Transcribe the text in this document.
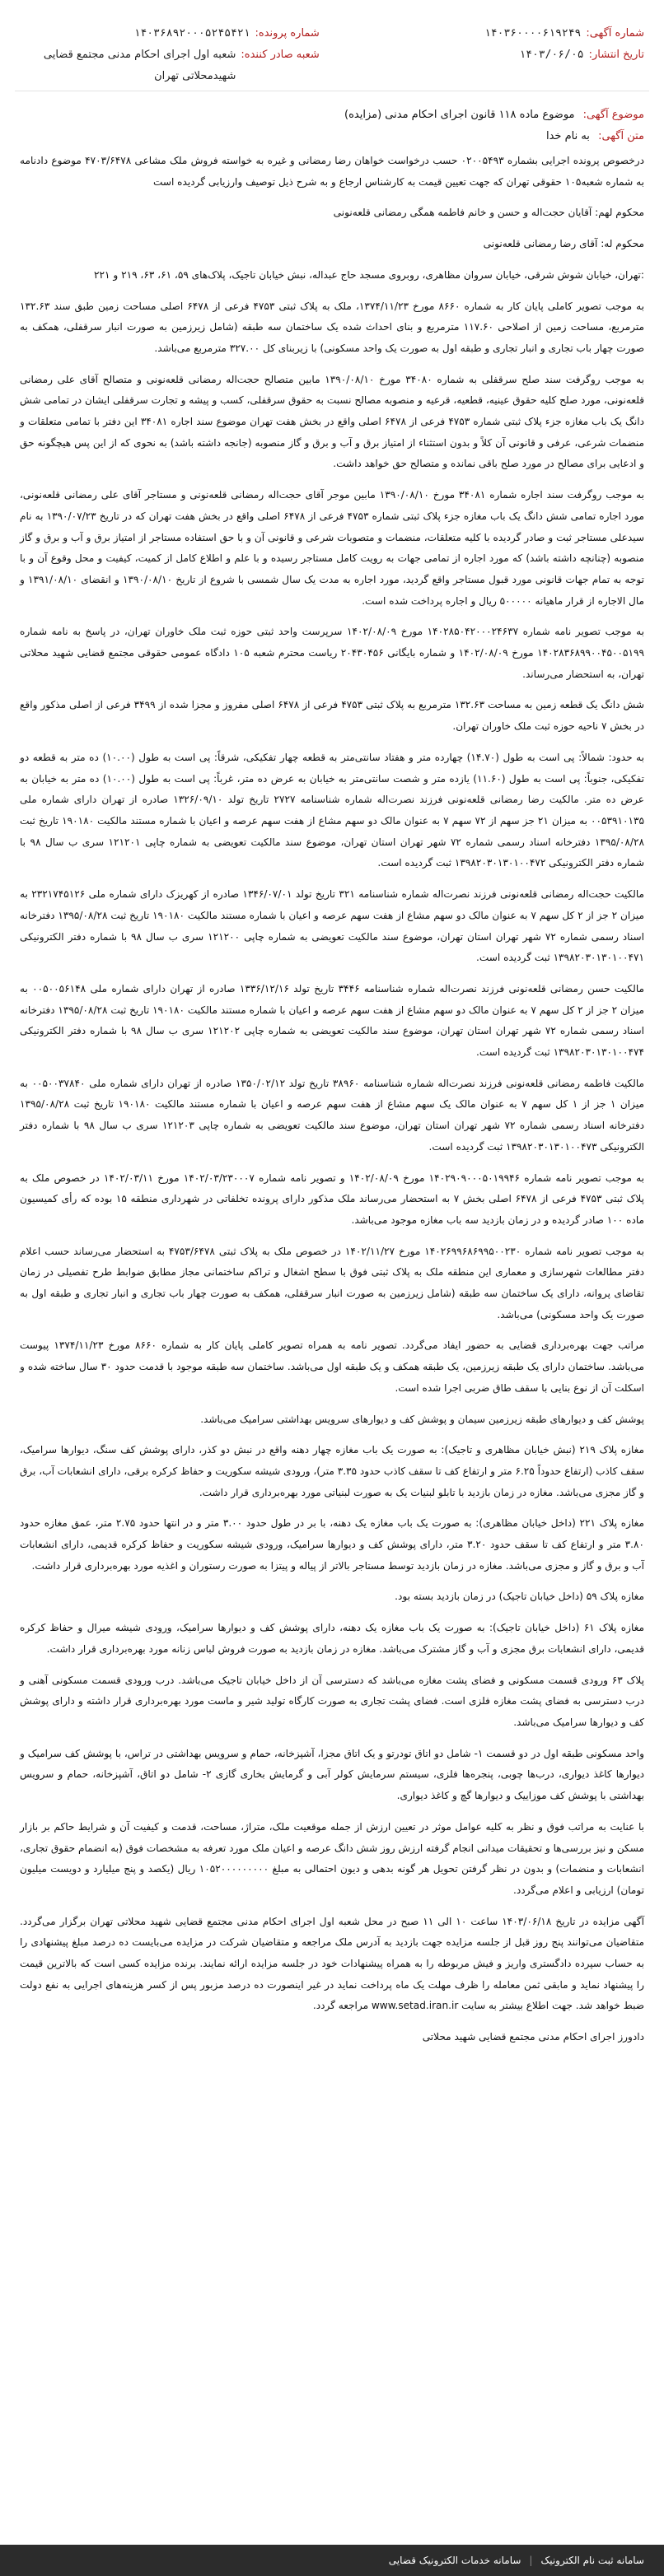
شماره آگهی:
۱۴۰۳۶۰۰۰۰۶۱۹۲۴۹
تاریخ انتشار:
۱۴۰۳/۰۶/۰۵
شماره پرونده:
۱۴۰۳۶۸۹۲۰۰۰۵۲۴۵۴۲۱
شعبه صادر کننده:
شعبه اول اجرای احکام مدنی مجتمع قضایی شهیدمحلاتی تهران
موضوع آگهی: موضوع ماده ۱۱۸ قانون اجرای احکام مدنی (مزایده)
متن آگهی: به نام خدا

درخصوص پرونده اجرایی بشماره ۰۲۰۰۵۴۹۳ حسب درخواست خواهان رضا رمضانی و غیره به خواسته فروش ملک مشاعی ۴۷۰۳/۶۴۷۸ موضوع دادنامه به شماره شعبه۱۰۵ حقوقی تهران که جهت تعیین قیمت به کارشناس ارجاع و به شرح ذیل توصیف وارزیابی گردیده است

محکوم لهم: آقایان حجت‌اله و حسن و خانم فاطمه همگی رمضانی قلعه‌نونی

محکوم له: آقای رضا رمضانی قلعه‌نونی

:تهران، خیابان شوش شرقی، خیابان سروان مظاهری، روبروی مسجد حاج عبداله، نبش خیابان تاجیک، پلاک‌های ۵۹، ۶۱، ۶۳، ۲۱۹ و ۲۲۱

به موجب تصویر کاملی پایان کار به شماره ۸۶۶۰ مورخ ۱۳۷۴/۱۱/۲۳، ملک به پلاک ثبتی ۴۷۵۳ فرعی از ۶۴۷۸ اصلی مساحت زمین طبق سند ۱۳۲.۶۳ مترمربع، مساحت زمین از اصلاحی ۱۱۷.۶۰ مترمربع و بنای احداث شده یک ساختمان سه طبقه (شامل زیرزمین به صورت انبار سرقفلی، همکف به صورت چهار باب تجاری و انبار تجاری و طبقه اول به صورت یک واحد مسکونی) با زیربنای کل ۳۲۷.۰۰ مترمربع می‌باشد.

به موجب روگرفت سند صلح سرقفلی به شماره ۳۴۰۸۰ مورخ ۱۳۹۰/۰۸/۱۰ مابین متصالح حجت‌اله رمضانی قلعه‌نونی و متصالح آقای علی رمضانی قلعه‌نونی، مورد صلح کلیه حقوق عینیه، قطعیه، قرعیه و منصوبه مصالح نسبت به حقوق سرقفلی، کسب و پیشه و تجارت سرقفلی ایشان در تمامی شش دانگ یک باب مغازه جزء پلاک ثبتی شماره ۴۷۵۳ فرعی از ۶۴۷۸ اصلی واقع در بخش هفت تهران موضوع سند اجاره ۳۴۰۸۱ این دفتر با تمامی متعلقات و منضمات شرعی، عرفی و قانونی آن کلاً و بدون استثناء از امتیاز برق و آب و برق و گاز منصوبه (جانجه داشته باشد) به نحوی که از این پس هیچگونه حق و ادعایی برای مصالح در مورد صلح باقی نمانده و متصالح حق خواهد داشت.

به موجب روگرفت سند اجاره شماره ۳۴۰۸۱ مورخ ۱۳۹۰/۰۸/۱۰ مابین موجر آقای حجت‌اله رمضانی قلعه‌نونی و مستاجر آقای علی رمضانی قلعه‌نونی، مورد اجاره تمامی شش دانگ یک باب مغازه جزء پلاک ثبتی شماره ۴۷۵۳ فرعی از ۶۴۷۸ اصلی واقع در بخش هفت تهران که در تاریخ ۱۳۹۰/۰۷/۲۳ به نام سیدعلی مستاجر ثبت و صادر گردیده با کلیه متعلقات، منضمات و متصوبات شرعی و قانونی آن و با حق استفاده مستاجر از امتیاز برق و آب و برق و گاز منصوبه (چنانچه داشته باشد) که مورد اجاره از تمامی جهات به رویت کامل مستاجر رسیده و با علم و اطلاع کامل از کمیت، کیفیت و محل وقوع آن و با توجه به تمام جهات قانونی مورد قبول مستاجر واقع گردید، مورد اجاره به مدت یک سال شمسی با شروع از تاریخ ۱۳۹۰/۰۸/۱۰ و انقضای ۱۳۹۱/۰۸/۱۰ و مال الاجاره از قرار ماهیانه ۵۰۰۰۰۰ ریال و اجاره پرداخت شده است.

به موجب تصویر نامه شماره ۱۴۰۲۸۵۰۴۲۰۰۰۲۴۶۳۷ مورخ ۱۴۰۲/۰۸/۰۹ سرپرست واحد ثبتی حوزه ثبت ملک خاوران تهران، در پاسخ به نامه شماره ۱۴۰۲۸۳۶۸۹۹۰۰۴۵۰۰۵۱۹۹ مورخ ۱۴۰۲/۰۸/۰۹ و شماره بایگانی ۲۰۴۳۰۴۵۶ ریاست محترم شعبه ۱۰۵ دادگاه عمومی حقوقی مجتمع قضایی شهید محلاتی تهران، به استحضار می‌رساند.

شش دانگ یک قطعه زمین به مساحت ۱۳۲.۶۳ مترمربع به پلاک ثبتی ۴۷۵۳ فرعی از ۶۴۷۸ اصلی مفروز و مجزا شده از ۳۴۹۹ فرعی از اصلی مذکور واقع در بخش ۷ ناحیه حوزه ثبت ملک خاوران تهران.

به حدود: شمالاً: پی است به طول (۱۴.۷۰) چهارده متر و هفتاد سانتی‌متر به قطعه چهار تفکیکی، شرقاً: پی است به طول (۱۰.۰۰) ده متر به قطعه دو تفکیکی، جنوباً: پی است به طول (۱۱.۶۰) یازده متر و شصت سانتی‌متر به خیابان به عرض ده متر، غرباً: پی است به طول (۱۰.۰۰) ده متر به خیابان به عرض ده متر. مالکیت رضا رمضانی قلعه‌نونی فرزند نصرت‌اله شماره شناسنامه ۲۷۲۷ تاریخ تولد ۱۳۲۶/۰۹/۱۰ صادره از تهران دارای شماره ملی ۰۰۵۳۹۱۰۱۳۵ به میزان ۲۱ جز سهم از ۷۲ سهم ۷ به عنوان مالک دو سهم مشاع از هفت سهم عرصه و اعیان با شماره مستند مالکیت ۱۹۰۱۸۰ تاریخ ثبت ۱۳۹۵/۰۸/۲۸ دفترخانه اسناد رسمی شماره ۷۲ شهر تهران استان تهران، موضوع سند مالکیت تعویضی به شماره چاپی ۱۲۱۲۰۱ سری ب سال ۹۸ با شماره دفتر الکترونیکی ۱۳۹۸۲۰۳۰۱۳۰۱۰۰۴۷۲ ثبت گردیده است.

مالکیت حجت‌اله رمضانی قلعه‌نونی فرزند نصرت‌اله شماره شناسنامه ۳۲۱ تاریخ تولد ۱۳۴۶/۰۷/۰۱ صادره از کهریزک دارای شماره ملی ۲۳۲۱۷۴۵۱۲۶ به میزان ۲ جز از ۲ کل سهم ۷ به عنوان مالک دو سهم مشاع از هفت سهم عرصه و اعیان با شماره مستند مالکیت ۱۹۰۱۸۰ تاریخ ثبت ۱۳۹۵/۰۸/۲۸ دفترخانه اسناد رسمی شماره ۷۲ شهر تهران استان تهران، موضوع سند مالکیت تعویضی به شماره چاپی ۱۲۱۲۰۰ سری ب سال ۹۸ با شماره دفتر الکترونیکی ۱۳۹۸۲۰۳۰۱۳۰۱۰۰۴۷۱ ثبت گردیده است.

مالکیت حسن رمضانی قلعه‌نونی فرزند نصرت‌اله شماره شناسنامه ۳۴۴۶ تاریخ تولد ۱۳۳۶/۱۲/۱۶ صادره از تهران دارای شماره ملی ۰۰۵۰۰۵۶۱۴۸ به میزان ۲ جز از ۲ کل سهم ۷ به عنوان مالک دو سهم مشاع از هفت سهم عرصه و اعیان با شماره مستند مالکیت ۱۹۰۱۸۰ تاریخ ثبت ۱۳۹۵/۰۸/۲۸ دفترخانه اسناد رسمی شماره ۷۲ شهر تهران استان تهران، موضوع سند مالکیت تعویضی به شماره چاپی ۱۲۱۲۰۲ سری ب سال ۹۸ با شماره دفتر الکترونیکی ۱۳۹۸۲۰۳۰۱۳۰۱۰۰۴۷۴ ثبت گردیده است.

مالکیت فاطمه رمضانی قلعه‌نونی فرزند نصرت‌اله شماره شناسنامه ۳۸۹۶۰ تاریخ تولد ۱۳۵۰/۰۲/۱۲ صادره از تهران دارای شماره ملی ۰۰۵۰۰۳۷۸۴۰ به میزان ۱ جز از ۱ کل سهم ۷ به عنوان مالک یک سهم مشاع از هفت سهم عرصه و اعیان با شماره مستند مالکیت ۱۹۰۱۸۰ تاریخ ثبت ۱۳۹۵/۰۸/۲۸ دفترخانه اسناد رسمی شماره ۷۲ شهر تهران استان تهران، موضوع سند مالکیت تعویضی به شماره چاپی ۱۲۱۲۰۳ سری ب سال ۹۸ با شماره دفتر الکترونیکی ۱۳۹۸۲۰۳۰۱۳۰۱۰۰۴۷۳ ثبت گردیده است.

به موجب تصویر نامه شماره ۱۴۰۲۹۰۹۰۰۰۵۰۱۹۹۴۶ مورخ ۱۴۰۲/۰۸/۰۹ و تصویر نامه شماره ۱۴۰۲/۰۳/۲۳۰۰۰۷ مورخ ۱۴۰۲/۰۳/۱۱ در خصوص ملک به پلاک ثبتی ۴۷۵۳ فرعی از ۶۴۷۸ اصلی بخش ۷ به استحضار می‌رساند ملک مذکور دارای پرونده تخلفاتی در شهرداری منطقه ۱۵ بوده که رأی کمیسیون ماده ۱۰۰ صادر گردیده و در زمان بازدید سه باب مغازه موجود می‌باشد.

به موجب تصویر نامه شماره ۱۴۰۲۶۹۹۶۸۶۹۹۵۰۰۲۳۰ مورخ ۱۴۰۲/۱۱/۲۷ در خصوص ملک به پلاک ثبتی ۴۷۵۳/۶۴۷۸ به استحضار می‌رساند حسب اعلام دفتر مطالعات شهرسازی و معماری این منطقه ملک به پلاک ثبتی فوق با سطح اشغال و تراکم ساختمانی مجاز مطابق ضوابط طرح تفصیلی در زمان تقاضای پروانه، دارای یک ساختمان سه طبقه (شامل زیرزمین به صورت انبار سرقفلی، همکف به صورت چهار باب تجاری و انبار تجاری و طبقه اول به صورت یک واحد مسکونی) می‌باشد.

مراتب جهت بهره‌برداری قضایی به حضور ایفاد می‌گردد. تصویر نامه به همراه تصویر کاملی پایان کار به شماره ۸۶۶۰ مورخ ۱۳۷۴/۱۱/۲۳ پیوست می‌باشد. ساختمان دارای یک طبقه زیرزمین، یک طبقه همکف و یک طبقه اول می‌باشد. ساختمان سه طبقه موجود با قدمت حدود ۳۰ سال ساخته شده و اسکلت آن از نوع بنایی با سقف طاق ضربی اجرا شده است.

پوشش کف و دیوارهای طبقه زیرزمین سیمان و پوشش کف و دیوارهای سرویس بهداشتی سرامیک می‌باشد.

مغازه پلاک ۲۱۹ (نبش خیابان مظاهری و تاجیک): به صورت یک باب مغازه چهار دهنه واقع در نبش دو کذر، دارای پوشش کف سنگ، دیوارها سرامیک، سقف کاذب (ارتفاع حدوداً ۶.۲۵ متر و ارتفاع کف تا سقف کاذب حدود ۳.۳۵ متر)، ورودی شیشه سکوریت و حفاظ کرکره برقی، دارای انشعابات آب، برق و گاز مجزی می‌باشد. مغازه در زمان بازدید با تابلو لبنیات یک به صورت لبنیاتی مورد بهره‌برداری قرار داشت.

مغازه پلاک ۲۲۱ (داخل خیابان مظاهری): به صورت یک باب مغازه یک دهنه، با بر در طول حدود ۳.۰۰ متر و در انتها حدود ۲.۷۵ متر، عمق مغازه حدود ۳.۸۰ متر و ارتفاع کف تا سقف حدود ۳.۲۰ متر، دارای پوشش کف و دیوارها سرامیک، ورودی شیشه سکوریت و حفاظ کرکره قدیمی، دارای انشعابات آب و برق و گاز و مجزی می‌باشد. مغازه در زمان بازدید توسط مستاجر بالاتر از پیاله و پیتزا به صورت رستوران و اغذیه مورد بهره‌برداری قرار داشت.

مغازه پلاک ۵۹ (داخل خیابان تاجیک) در زمان بازدید بسته بود.

مغازه پلاک ۶۱ (داخل خیابان تاجیک): به صورت یک باب مغازه یک دهنه، دارای پوشش کف و دیوارها سرامیک، ورودی شیشه میرال و حفاظ کرکره قدیمی، دارای انشعابات برق مجزی و آب و گاز مشترک می‌باشد. مغازه در زمان بازدید به صورت فروش لباس زنانه مورد بهره‌برداری قرار داشت.

پلاک ۶۳ ورودی قسمت مسکونی و فضای پشت مغازه می‌باشد که دسترسی آن از داخل خیابان تاجیک می‌باشد. درب ورودی قسمت مسکونی آهنی و درب دسترسی به فضای پشت مغازه فلزی است. فضای پشت تجاری به صورت کارگاه تولید شیر و ماست مورد بهره‌برداری قرار داشته و دارای پوشش کف و دیوارها سرامیک می‌باشد.

واحد مسکونی طبقه اول در دو قسمت ۱- شامل دو اتاق تودرتو و یک اتاق مجزا، آشپزخانه، حمام و سرویس بهداشتی در تراس، با پوشش کف سرامیک و دیوارها کاغذ دیواری، درب‌ها چوبی، پنجره‌ها فلزی، سیستم سرمایش کولر آبی و گرمایش بخاری گازی ۲- شامل دو اتاق، آشپزخانه، حمام و سرویس بهداشتی با پوشش کف موزاییک و دیوارها گچ و کاغذ دیواری.

با عنایت به مراتب فوق و نظر به کلیه عوامل موثر در تعیین ارزش از جمله موقعیت ملک، متراژ، مساحت، قدمت و کیفیت آن و شرایط حاکم بر بازار مسکن و نیز بررسی‌ها و تحقیقات میدانی انجام گرفته ارزش روز شش دانگ عرصه و اعیان ملک مورد تعرفه به مشخصات فوق (به انضمام حقوق تجاری، انشعابات و منضمات) و بدون در نظر گرفتن تحویل هر گونه بدهی و دیون احتمالی به مبلغ ۱۰۵۲۰۰۰۰۰۰۰۰۰ ریال (یکصد و پنج میلیارد و دویست میلیون تومان) ارزیابی و اعلام می‌گردد.

آگهی مزایده در تاریخ ۱۴۰۳/۰۶/۱۸ ساعت ۱۰ الی ۱۱ صبح در محل شعبه اول اجرای احکام مدنی مجتمع قضایی شهید محلاتی تهران برگزار می‌گردد. متقاضیان می‌توانند پنج روز قبل از جلسه مزایده جهت بازدید به آدرس ملک مراجعه و متقاضیان شرکت در مزایده می‌بایست ده درصد مبلغ پیشنهادی را به حساب سپرده دادگستری واریز و فیش مربوطه را به همراه پیشنهادات خود در جلسه مزایده ارائه نمایند. برنده مزایده کسی است که بالاترین قیمت را پیشنهاد نماید و مابقی ثمن معامله را ظرف مهلت یک ماه پرداخت نماید در غیر اینصورت ده درصد مزبور پس از کسر هزینه‌های اجرایی به نفع دولت ضبط خواهد شد. جهت اطلاع بیشتر به سایت www.setad.iran.ir مراجعه گردد.

دادورز اجرای احکام مدنی مجتمع قضایی شهید محلاتی

سامانه ثبت نام الکترونیک
|
سامانه خدمات الکترونیک قضایی
